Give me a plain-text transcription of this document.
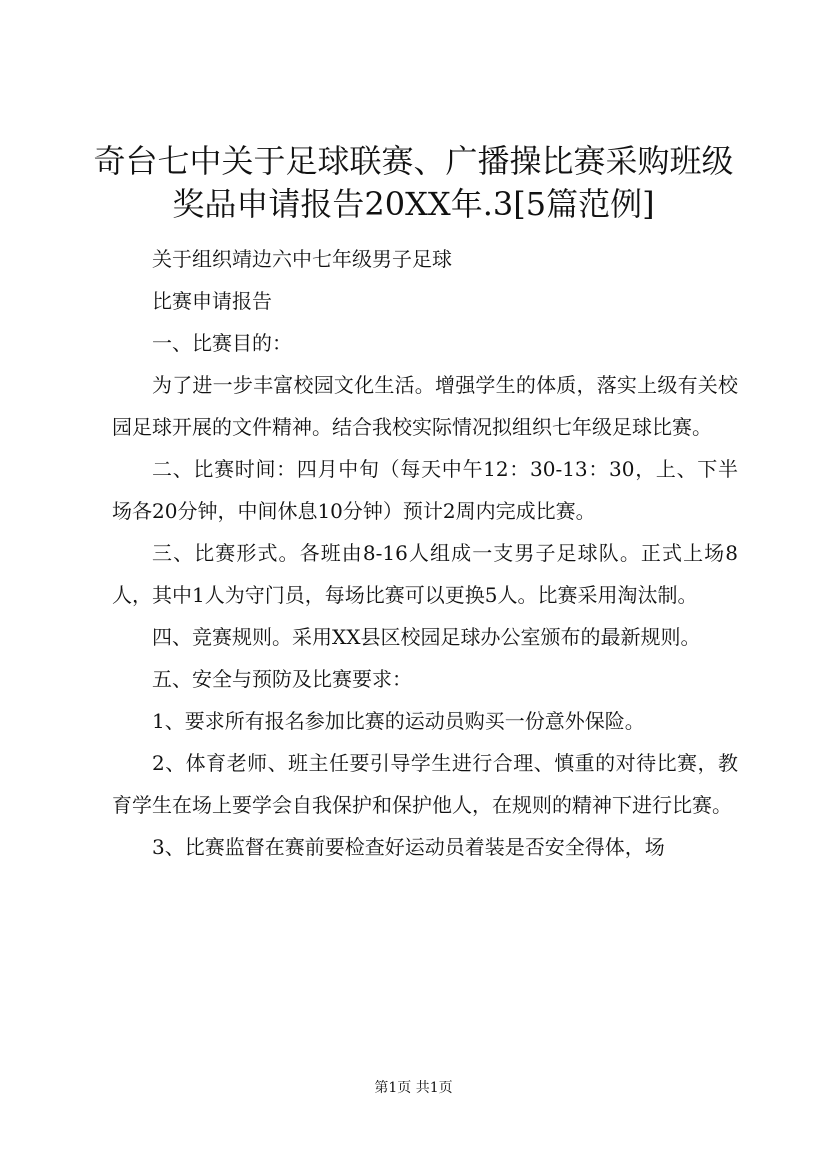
奇台七中关于足球联赛、广播操比赛采购班级
奖品申请报告20XX年.3[5篇范例]

关于组织靖边六中七年级男子足球

比赛申请报告

一、比赛目的：

为了进一步丰富校园文化生活。增强学生的体质，落实上级有关校园足球开展的文件精神。结合我校实际情况拟组织七年级足球比赛。

二、比赛时间：四月中旬（每天中午12：30-13：30，上、下半场各20分钟，中间休息10分钟）预计2周内完成比赛。

三、比赛形式。各班由8-16人组成一支男子足球队。正式上场8人，其中1人为守门员，每场比赛可以更换5人。比赛采用淘汰制。

四、竞赛规则。采用XX县区校园足球办公室颁布的最新规则。

五、安全与预防及比赛要求：

1、要求所有报名参加比赛的运动员购买一份意外保险。

2、体育老师、班主任要引导学生进行合理、慎重的对待比赛，教育学生在场上要学会自我保护和保护他人，在规则的精神下进行比赛。

3、比赛监督在赛前要检查好运动员着装是否安全得体，场

第1页 共1页
